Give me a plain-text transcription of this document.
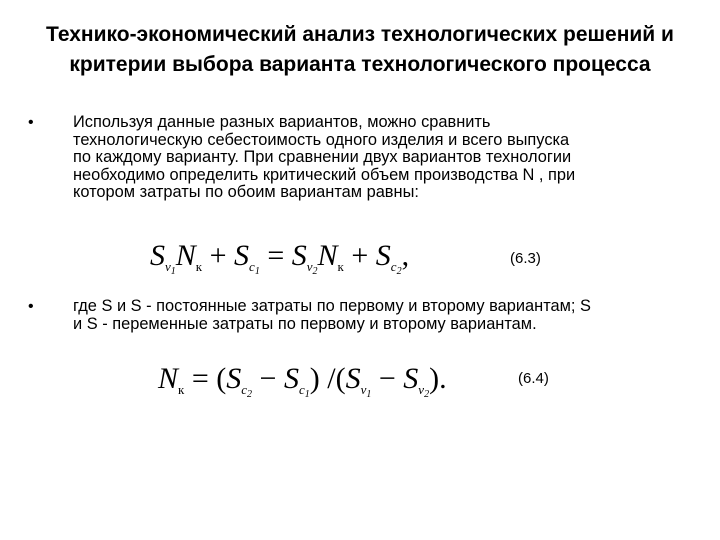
Технико-экономический анализ технологических решений и
критерии выбора варианта технологического процесса
• Используя данные разных вариантов, можно сравнить
технологическую себестоимость одного изделия и всего выпуска
по каждому варианту. При сравнении двух вариантов технологии
необходимо определить критический объем производства N , при
котором затраты по обоим вариантам равны:
$S_{v_1}N_к + S_{c_1} = S_{v_2}N_к + S_{c_2}$,	(6.3)
• где S и S - постоянные затраты по первому и второму вариантам; S
и S - переменные затраты по первому и второму вариантам.
$N_к = (S_{c_2} - S_{c_1}) /(S_{v_1} - S_{v_2})$.	(6.4)
